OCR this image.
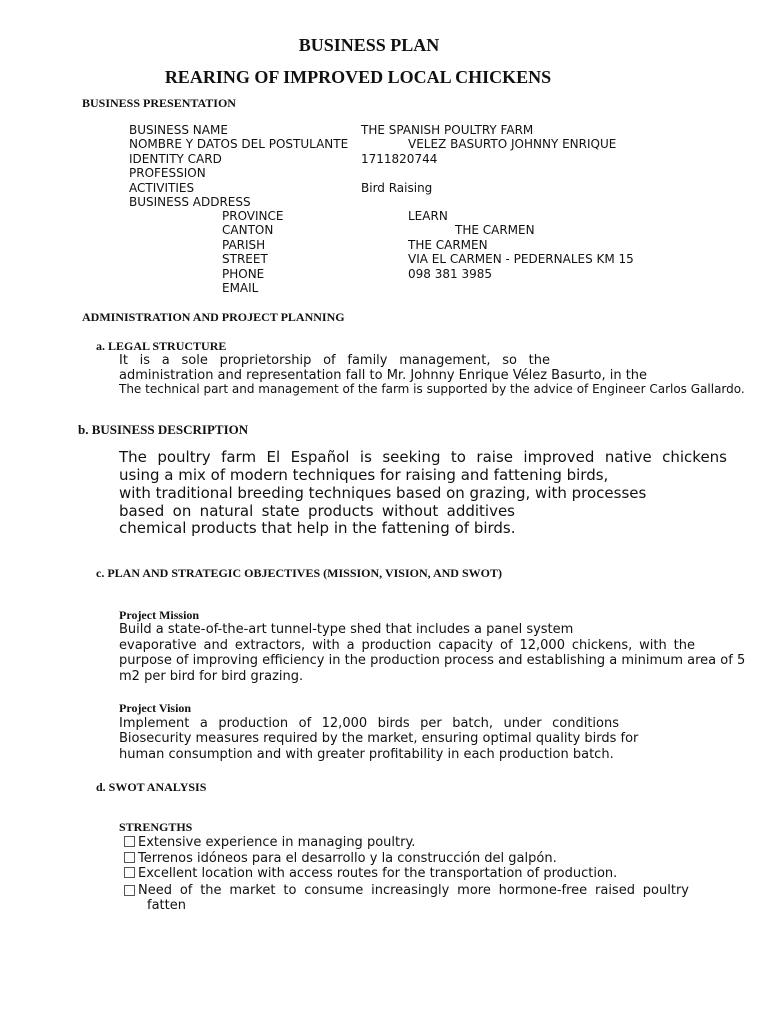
BUSINESS PLAN
REARING OF IMPROVED LOCAL CHICKENS
BUSINESS PRESENTATION
BUSINESS NAME	THE SPANISH POULTRY FARM
NOMBRE Y DATOS DEL POSTULANTE	VELEZ BASURTO JOHNNY ENRIQUE
IDENTITY CARD	1711820744
PROFESSION
ACTIVITIES	Bird Raising
BUSINESS ADDRESS
PROVINCE	LEARN
CANTON	THE CARMEN
PARISH	THE CARMEN
STREET	VIA EL CARMEN - PEDERNALES KM 15
PHONE	098 381 3985
EMAIL
ADMINISTRATION AND PROJECT PLANNING
a. LEGAL STRUCTURE
It is a sole proprietorship of family management, so the
administration and representation fall to Mr. Johnny Enrique Vélez Basurto, in the
The technical part and management of the farm is supported by the advice of Engineer Carlos Gallardo.
b. BUSINESS DESCRIPTION
The poultry farm El Español is seeking to raise improved native chickens
using a mix of modern techniques for raising and fattening birds,
with traditional breeding techniques based on grazing, with processes
based on natural state products without additives
chemical products that help in the fattening of birds.
c. PLAN AND STRATEGIC OBJECTIVES (MISSION, VISION, AND SWOT)
Project Mission
Build a state-of-the-art tunnel-type shed that includes a panel system
evaporative and extractors, with a production capacity of 12,000 chickens, with the
purpose of improving efficiency in the production process and establishing a minimum area of 5
m2 per bird for bird grazing.
Project Vision
Implement a production of 12,000 birds per batch, under conditions
Biosecurity measures required by the market, ensuring optimal quality birds for
human consumption and with greater profitability in each production batch.
d. SWOT ANALYSIS
STRENGTHS
Extensive experience in managing poultry.
Terrenos idóneos para el desarrollo y la construcción del galpón.
Excellent location with access routes for the transportation of production.
Need of the market to consume increasingly more hormone-free raised poultry
fatten
